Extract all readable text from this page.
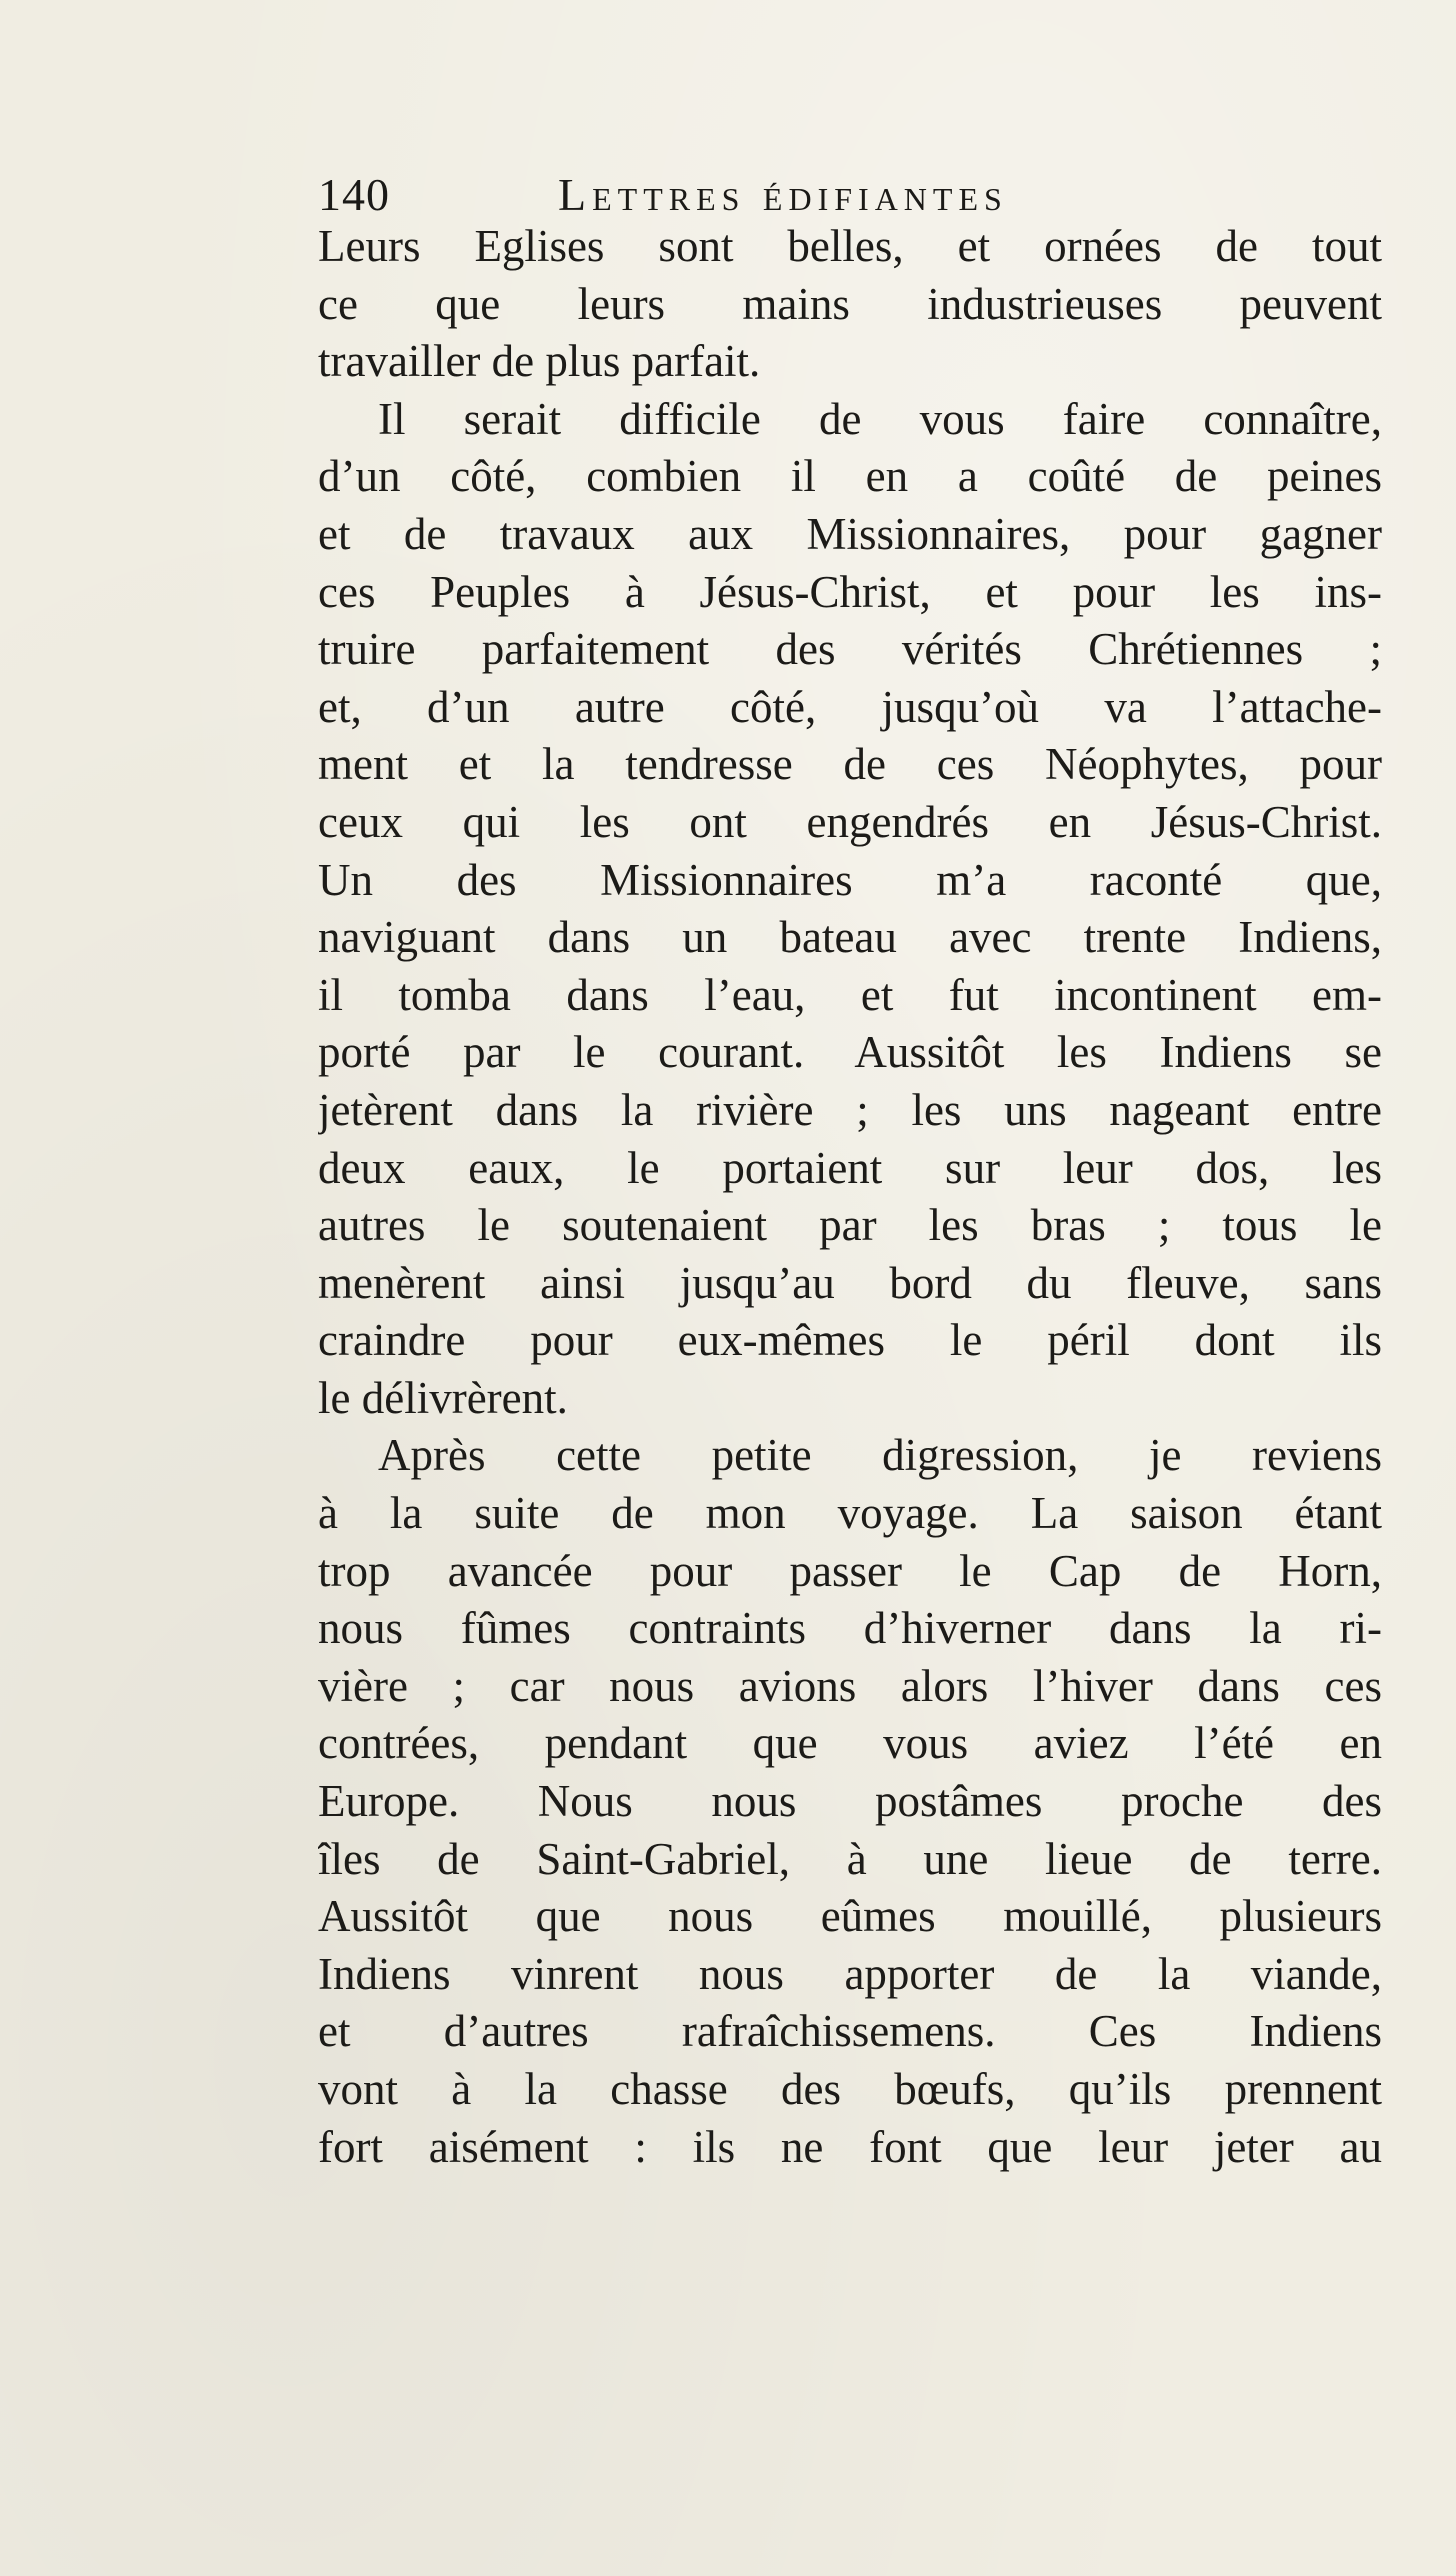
140	Lettres édifiantes
Leurs Eglises sont belles, et ornées de tout
ce que leurs mains industrieuses peuvent
travailler de plus parfait.
Il serait difficile de vous faire connaître,
d’un côté, combien il en a coûté de peines
et de travaux aux Missionnaires, pour gagner
ces Peuples à Jésus-Christ, et pour les ins-
truire parfaitement des vérités Chrétiennes ;
et, d’un autre côté, jusqu’où va l’attache-
ment et la tendresse de ces Néophytes, pour
ceux qui les ont engendrés en Jésus-Christ.
Un des Missionnaires m’a raconté que,
naviguant dans un bateau avec trente Indiens,
il tomba dans l’eau, et fut incontinent em-
porté par le courant. Aussitôt les Indiens se
jetèrent dans la rivière ; les uns nageant entre
deux eaux, le portaient sur leur dos, les
autres le soutenaient par les bras ; tous le
menèrent ainsi jusqu’au bord du fleuve, sans
craindre pour eux-mêmes le péril dont ils
le délivrèrent.
Après cette petite digression, je reviens
à la suite de mon voyage. La saison étant
trop avancée pour passer le Cap de Horn,
nous fûmes contraints d’hiverner dans la ri-
vière ; car nous avions alors l’hiver dans ces
contrées, pendant que vous aviez l’été en
Europe. Nous nous postâmes proche des
îles de Saint-Gabriel, à une lieue de terre.
Aussitôt que nous eûmes mouillé, plusieurs
Indiens vinrent nous apporter de la viande,
et d’autres rafraîchissemens. Ces Indiens
vont à la chasse des bœufs, qu’ils prennent
fort aisément : ils ne font que leur jeter au
